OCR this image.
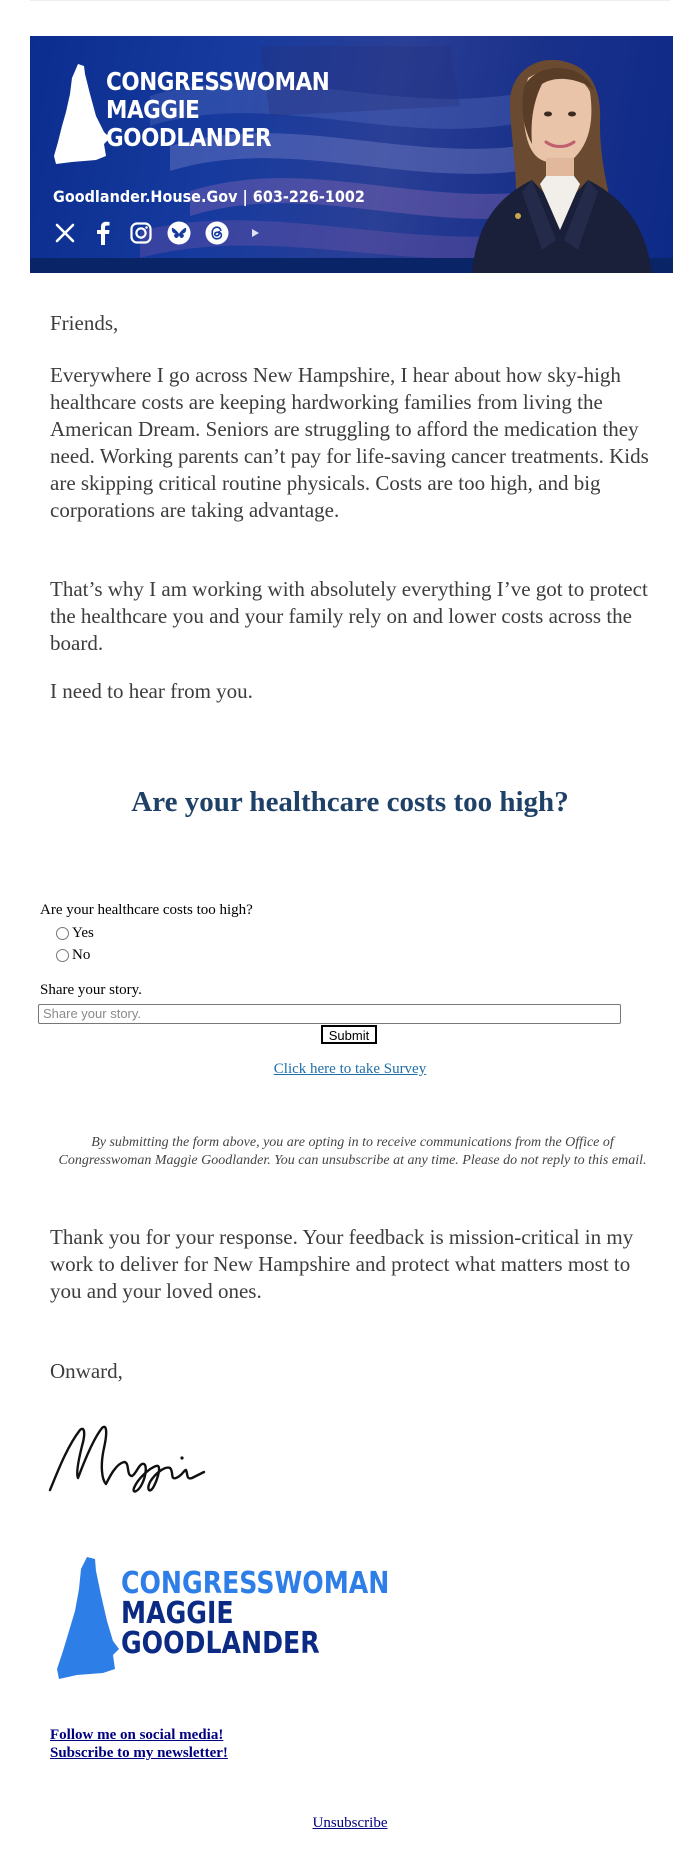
CONGRESSWOMAN
MAGGIE
GOODLANDER
Goodlander.House.Gov | 603-226-1002
Friends,
Everywhere I go across New Hampshire, I hear about how sky-high healthcare costs are keeping hardworking families from living the American Dream. Seniors are struggling to afford the medication they need. Working parents can’t pay for life-saving cancer treatments. Kids are skipping critical routine physicals. Costs are too high, and big corporations are taking advantage.
That’s why I am working with absolutely everything I’ve got to protect the healthcare you and your family rely on and lower costs across the board.
I need to hear from you.
Are your healthcare costs too high?
Are your healthcare costs too high?
Yes
No
Share your story.
Share your story.
Submit
Click here to take Survey
By submitting the form above, you are opting in to receive communications from the Office of Congresswoman Maggie Goodlander. You can unsubscribe at any time. Please do not reply to this email.
Thank you for your response. Your feedback is mission-critical in my work to deliver for New Hampshire and protect what matters most to you and your loved ones.
Onward,
CONGRESSWOMAN
MAGGIE
GOODLANDER
Follow me on social media!
Subscribe to my newsletter!
Unsubscribe
